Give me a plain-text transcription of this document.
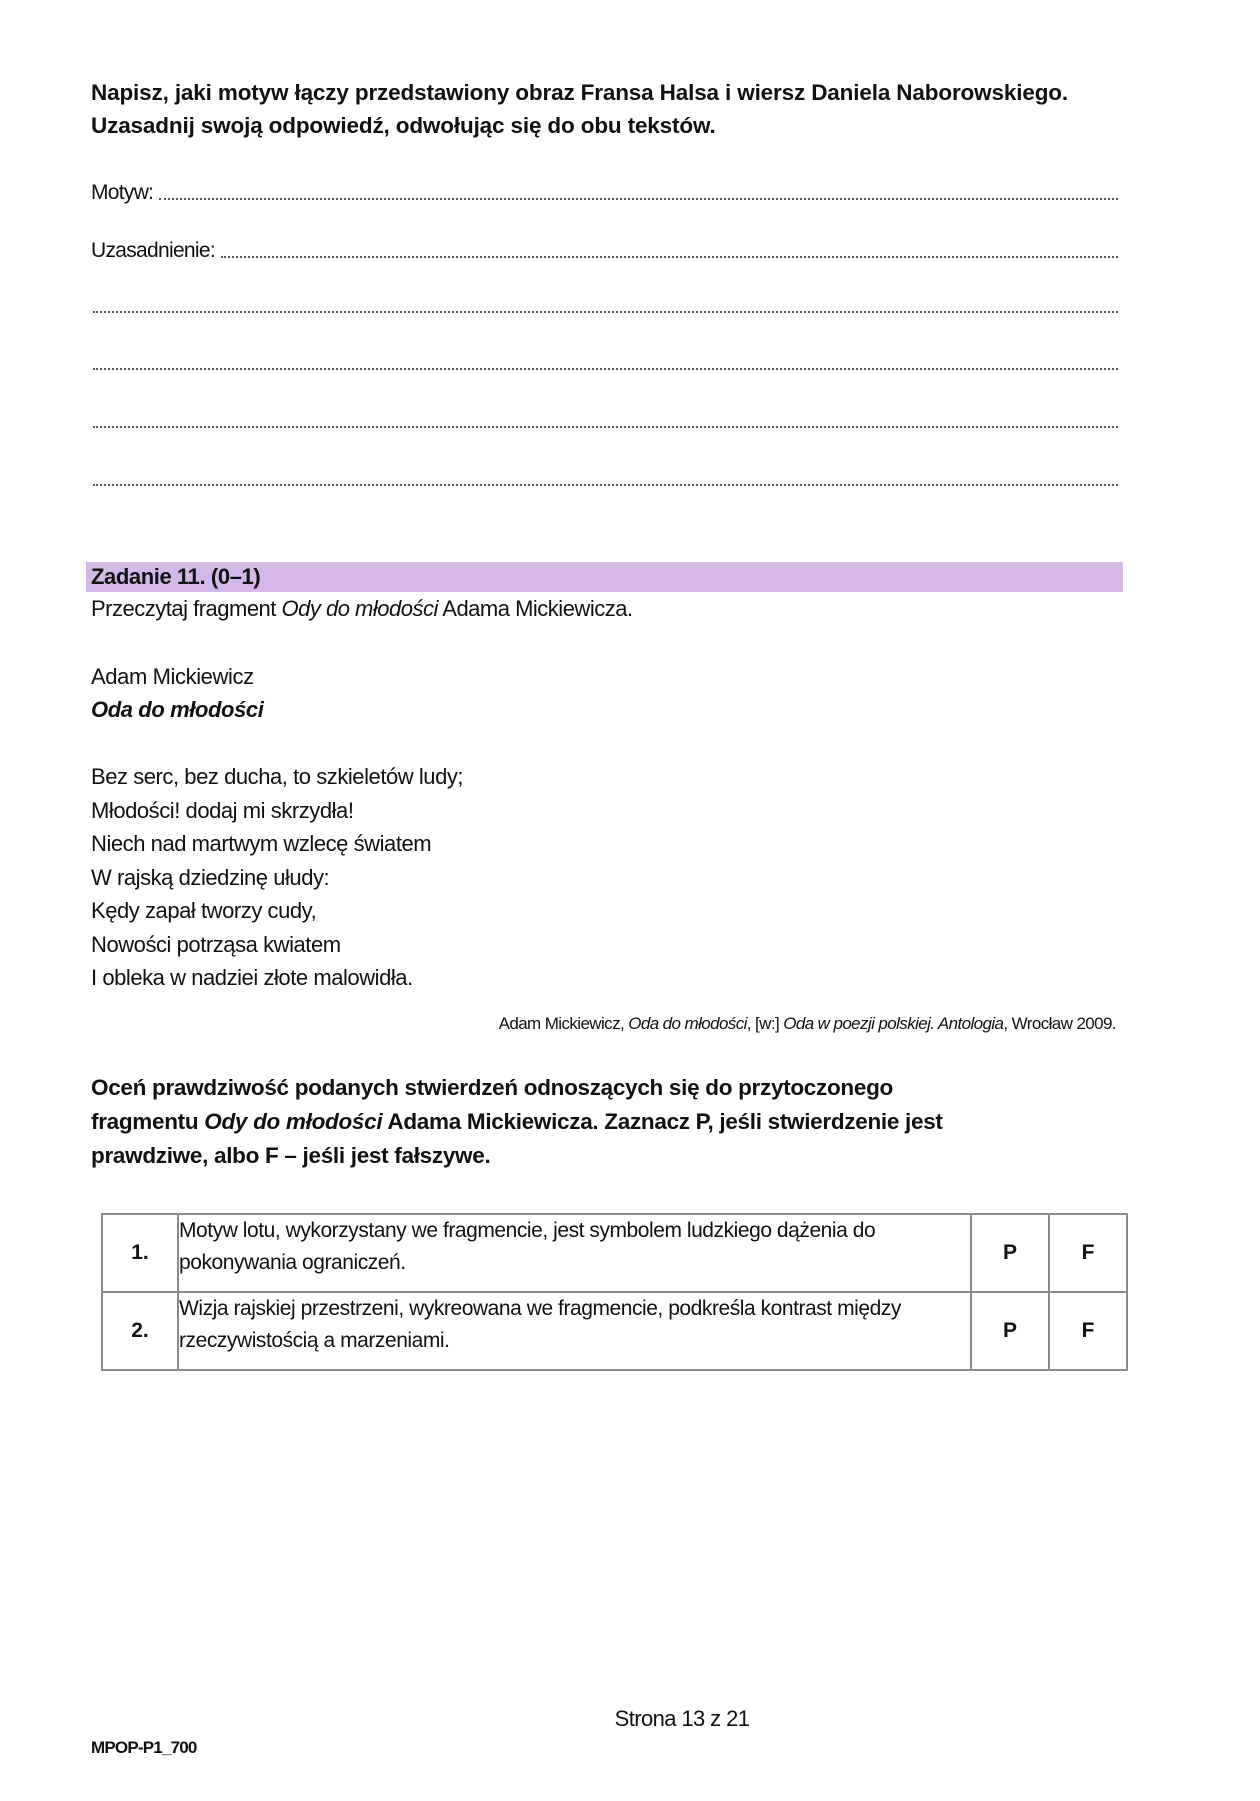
Napisz, jaki motyw łączy przedstawiony obraz Fransa Halsa i wiersz Daniela Naborowskiego. Uzasadnij swoją odpowiedź, odwołując się do obu tekstów.
Motyw:
Uzasadnienie:
Zadanie 11. (0–1)
Przeczytaj fragment Ody do młodości Adama Mickiewicza.
Adam Mickiewicz
Oda do młodości
Bez serc, bez ducha, to szkieletów ludy;
Młodości! dodaj mi skrzydła!
Niech nad martwym wzlecę światem
W rajską dziedzinę ułudy:
Kędy zapał tworzy cudy,
Nowości potrząsa kwiatem
I obleka w nadziei złote malowidła.
Adam Mickiewicz, Oda do młodości, [w:] Oda w poezji polskiej. Antologia, Wrocław 2009.
Oceń prawdziwość podanych stwierdzeń odnoszących się do przytoczonego
fragmentu Ody do młodości Adama Mickiewicza. Zaznacz P, jeśli stwierdzenie jest
prawdziwe, albo F – jeśli jest fałszywe.
1.	Motyw lotu, wykorzystany we fragmencie, jest symbolem ludzkiego dążenia do pokonywania ograniczeń.	P	F
2.	Wizja rajskiej przestrzeni, wykreowana we fragmencie, podkreśla kontrast między rzeczywistością a marzeniami.	P	F
Strona 13 z 21
MPOP-P1_700
